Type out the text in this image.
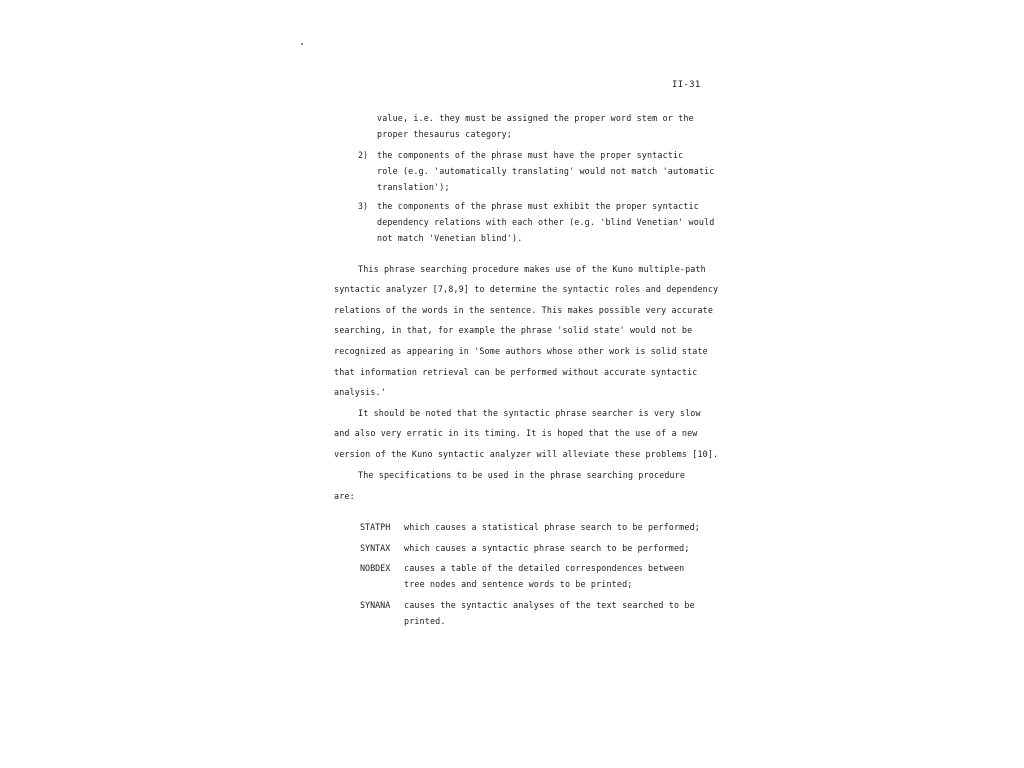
II-31
value, i.e. they must be assigned the proper word stem or the
proper thesaurus category;
2) the components of the phrase must have the proper syntactic
role (e.g. 'automatically translating' would not match 'automatic
translation');
3) the components of the phrase must exhibit the proper syntactic
dependency relations with each other (e.g. 'blind Venetian' would
not match 'Venetian blind').
This phrase searching procedure makes use of the Kuno multiple-path
syntactic analyzer [7,8,9] to determine the syntactic roles and dependency
relations of the words in the sentence. This makes possible very accurate
searching, in that, for example the phrase 'solid state' would not be
recognized as appearing in 'Some authors whose other work is solid state
that information retrieval can be performed without accurate syntactic
analysis.'
It should be noted that the syntactic phrase searcher is very slow
and also very erratic in its timing. It is hoped that the use of a new
version of the Kuno syntactic analyzer will alleviate these problems [10].
The specifications to be used in the phrase searching procedure
are:
STATPH which causes a statistical phrase search to be performed;
SYNTAX which causes a syntactic phrase search to be performed;
NOBDEX causes a table of the detailed correspondences between
tree nodes and sentence words to be printed;
SYNANA causes the syntactic analyses of the text searched to be
printed.
